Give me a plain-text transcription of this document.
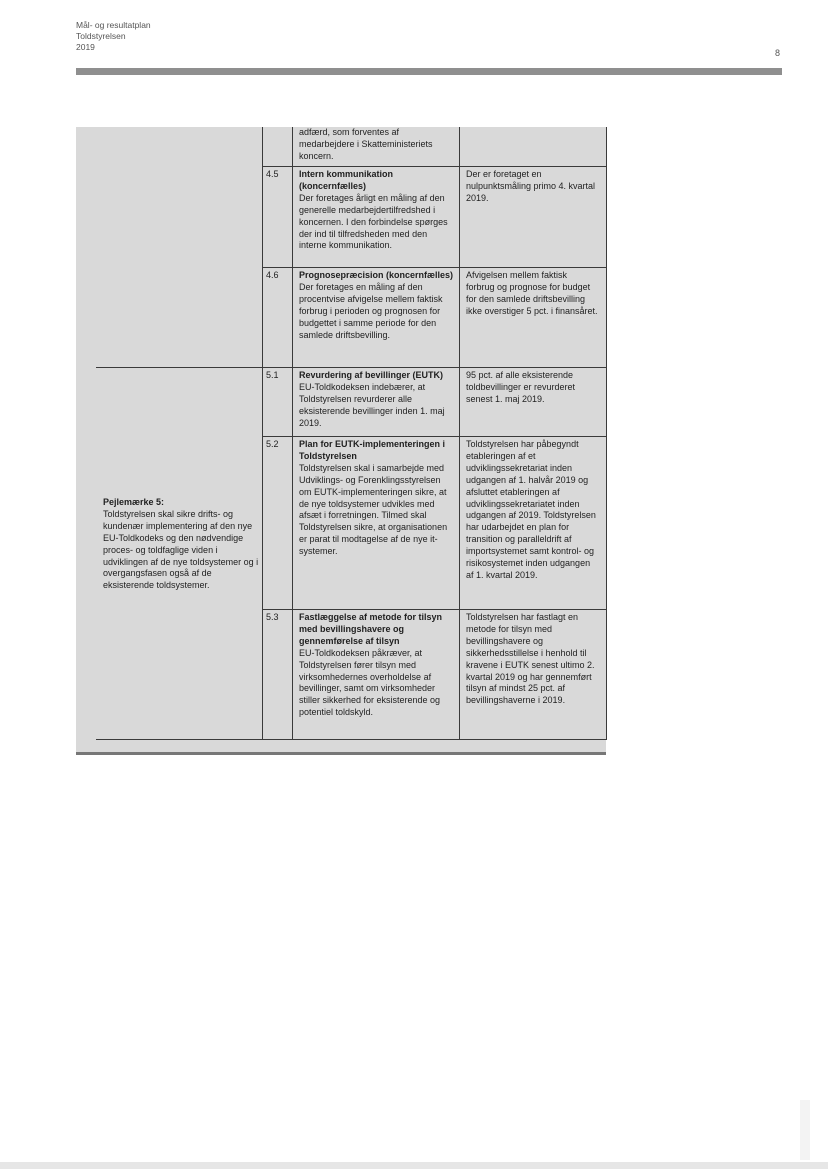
Mål- og resultatplan
Toldstyrelsen
2019
8
Pejlemærke 5:
Toldstyrelsen skal sikre drifts- og kundenær implementering af den nye EU-Toldkodeks og den nødvendige proces- og toldfaglige viden i udviklingen af de nye toldsystemer og i overgangsfasen også af de eksisterende toldsystemer.
adfærd, som forventes af medarbejdere i Skatteministeriets koncern.
4.5 Intern kommunikation (koncernfælles)
Der foretages årligt en måling af den generelle medarbejdertilfredshed i koncernen. I den forbindelse spørges der ind til tilfredsheden med den interne kommunikation.
Der er foretaget en nulpunktsmåling primo 4. kvartal 2019.
4.6 Prognosepræcision (koncernfælles)
Der foretages en måling af den procentvise afvigelse mellem faktisk forbrug i perioden og prognosen for budgettet i samme periode for den samlede driftsbevilling.
Afvigelsen mellem faktisk forbrug og prognose for budget for den samlede driftsbevilling ikke overstiger 5 pct. i finansåret.
5.1 Revurdering af bevillinger (EUTK)
EU-Toldkodeksen indebærer, at Toldstyrelsen revurderer alle eksisterende bevillinger inden 1. maj 2019.
95 pct. af alle eksisterende toldbevillinger er revurderet senest 1. maj 2019.
5.2 Plan for EUTK-implementeringen i Toldstyrelsen
Toldstyrelsen skal i samarbejde med Udviklings- og Forenklingsstyrelsen om EUTK-implementeringen sikre, at de nye toldsystemer udvikles med afsæt i forretningen. Tilmed skal Toldstyrelsen sikre, at organisationen er parat til modtagelse af de nye it-systemer.
Toldstyrelsen har påbegyndt etableringen af et udviklingssekretariat inden udgangen af 1. halvår 2019 og afsluttet etableringen af udviklingssekretariatet inden udgangen af 2019. Toldstyrelsen har udarbejdet en plan for transition og paralleldrift af importsystemet samt kontrol- og risikosystemet inden udgangen af 1. kvartal 2019.
5.3 Fastlæggelse af metode for tilsyn med bevillingshavere og gennemførelse af tilsyn
EU-Toldkodeksen påkræver, at Toldstyrelsen fører tilsyn med virksomhedernes overholdelse af bevillinger, samt om virksomheder stiller sikkerhed for eksisterende og potentiel toldskyld.
Toldstyrelsen har fastlagt en metode for tilsyn med bevillingshavere og sikkerhedsstillelse i henhold til kravene i EUTK senest ultimo 2. kvartal 2019 og har gennemført tilsyn af mindst 25 pct. af bevillingshaverne i 2019.
